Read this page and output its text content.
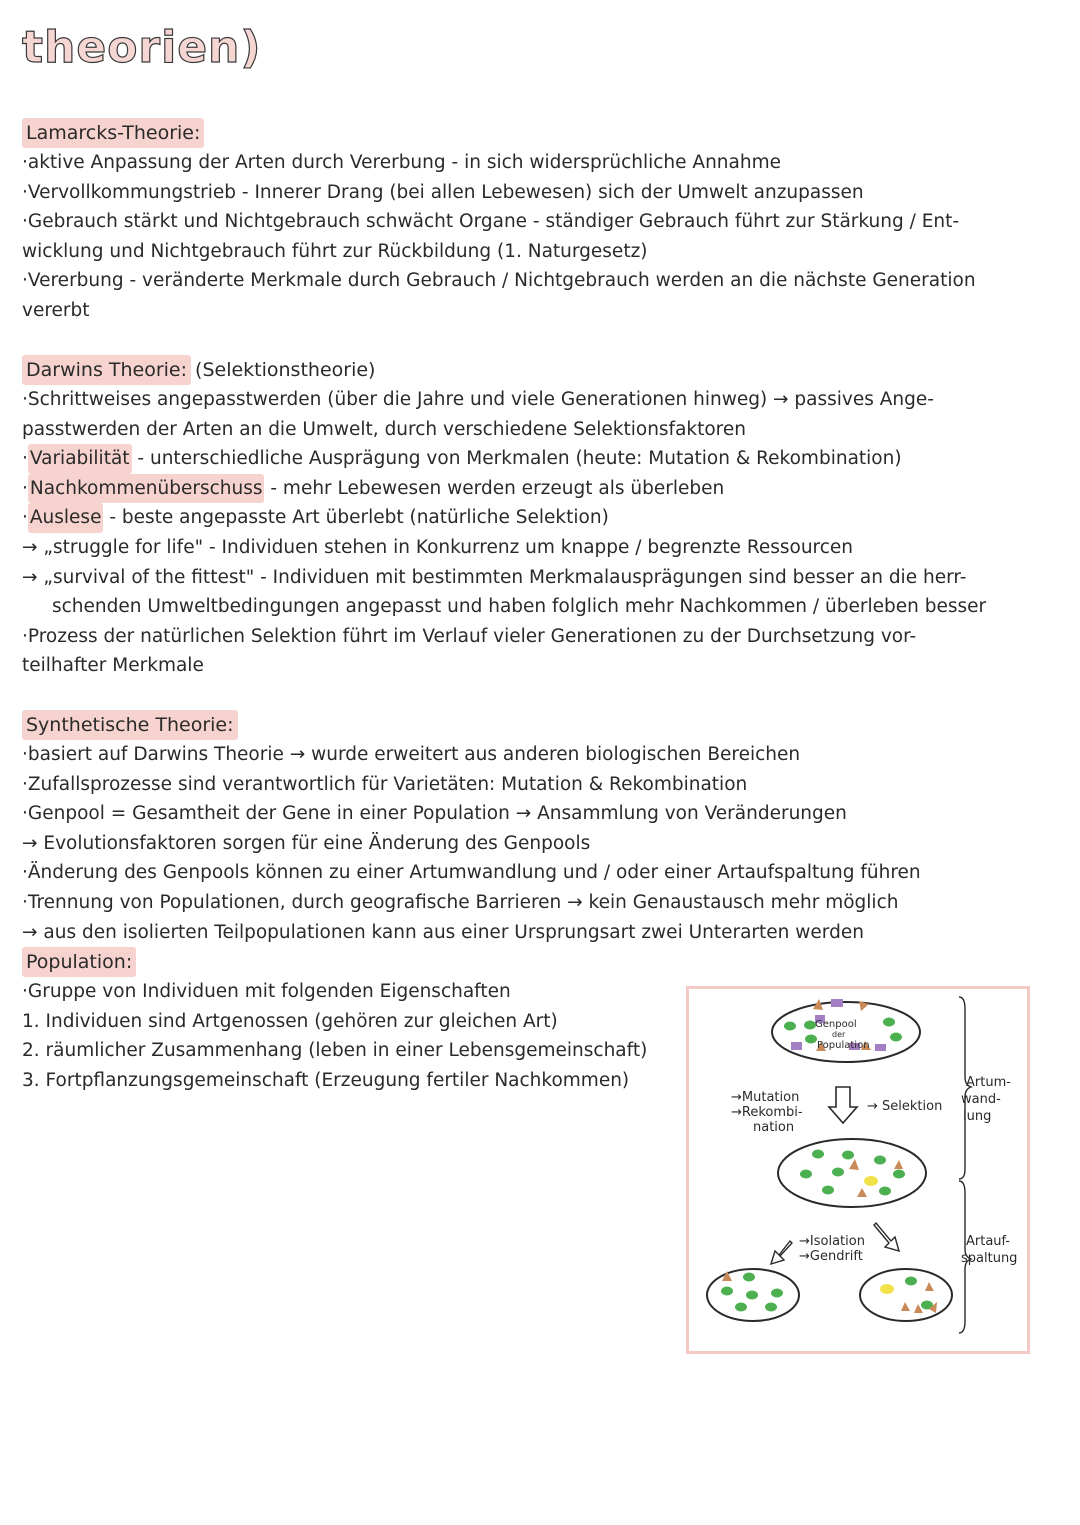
theorien)
Lamarcks-Theorie:

·aktive Anpassung der Arten durch Vererbung - in sich widersprüchliche Annahme

·Vervollkommungstrieb - Innerer Drang (bei allen Lebewesen) sich der Umwelt anzupassen

·Gebrauch stärkt und Nichtgebrauch schwächt Organe - ständiger Gebrauch führt zur Stärkung / Ent-

wicklung und Nichtgebrauch führt zur Rückbildung (1. Naturgesetz)

·Vererbung - veränderte Merkmale durch Gebrauch / Nichtgebrauch werden an die nächste Generation

vererbt

Darwins Theorie: (Selektionstheorie)

·Schrittweises angepasstwerden (über die Jahre und viele Generationen hinweg) → passives Ange-

passtwerden der Arten an die Umwelt, durch verschiedene Selektionsfaktoren

· Variabilität - unterschiedliche Ausprägung von Merkmalen (heute: Mutation & Rekombination)

· Nachkommenüberschuss - mehr Lebewesen werden erzeugt als überleben

· Auslese - beste angepasste Art überlebt (natürliche Selektion)

→ „struggle for life" - Individuen stehen in Konkurrenz um knappe / begrenzte Ressourcen

→ „survival of the fittest" - Individuen mit bestimmten Merkmalausprägungen sind besser an die herr-

schenden Umweltbedingungen angepasst und haben folglich mehr Nachkommen / überleben besser

·Prozess der natürlichen Selektion führt im Verlauf vieler Generationen zu der Durchsetzung vor-

teilhafter Merkmale

Synthetische Theorie:

·basiert auf Darwins Theorie → wurde erweitert aus anderen biologischen Bereichen

·Zufallsprozesse sind verantwortlich für Varietäten: Mutation & Rekombination

·Genpool = Gesamtheit der Gene in einer Population → Ansammlung von Veränderungen

→ Evolutionsfaktoren sorgen für eine Änderung des Genpools

·Änderung des Genpools können zu einer Artumwandlung und / oder einer Artaufspaltung führen

·Trennung von Populationen, durch geografische Barrieren → kein Genaustausch mehr möglich

→ aus den isolierten Teilpopulationen kann aus einer Ursprungsart zwei Unterarten werden

Population:

·Gruppe von Individuen mit folgenden Eigenschaften

1. Individuen sind Artgenossen (gehören zur gleichen Art)

2. räumlicher Zusammenhang (leben in einer Lebensgemeinschaft)

3. Fortpflanzungsgemeinschaft (Erzeugung fertiler Nachkommen)

Genpool
der
Population
→Mutation
→Rekombi-
nation
→ Selektion
Artum-
wand-
lung
→Isolation
→Gendrift
Artauf-
spaltung
